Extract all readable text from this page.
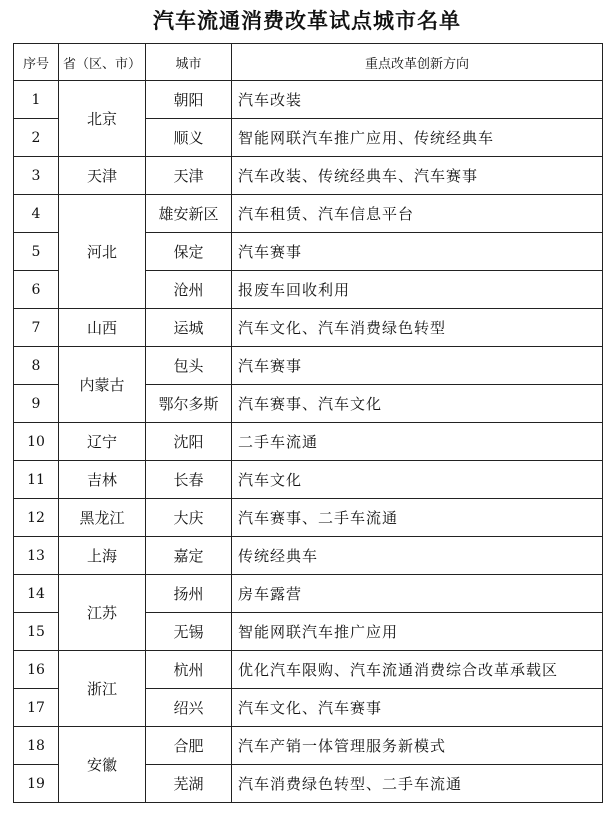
汽车流通消费改革试点城市名单
序号	省（区、市）	城市	重点改革创新方向
1	北京	朝阳	汽车改装
2		顺义	智能网联汽车推广应用、传统经典车
3	天津	天津	汽车改装、传统经典车、汽车赛事
4	河北	雄安新区	汽车租赁、汽车信息平台
5		保定	汽车赛事
6		沧州	报废车回收利用
7	山西	运城	汽车文化、汽车消费绿色转型
8	内蒙古	包头	汽车赛事
9		鄂尔多斯	汽车赛事、汽车文化
10	辽宁	沈阳	二手车流通
11	吉林	长春	汽车文化
12	黑龙江	大庆	汽车赛事、二手车流通
13	上海	嘉定	传统经典车
14	江苏	扬州	房车露营
15		无锡	智能网联汽车推广应用
16	浙江	杭州	优化汽车限购、汽车流通消费综合改革承载区
17		绍兴	汽车文化、汽车赛事
18	安徽	合肥	汽车产销一体管理服务新模式
19		芜湖	汽车消费绿色转型、二手车流通
